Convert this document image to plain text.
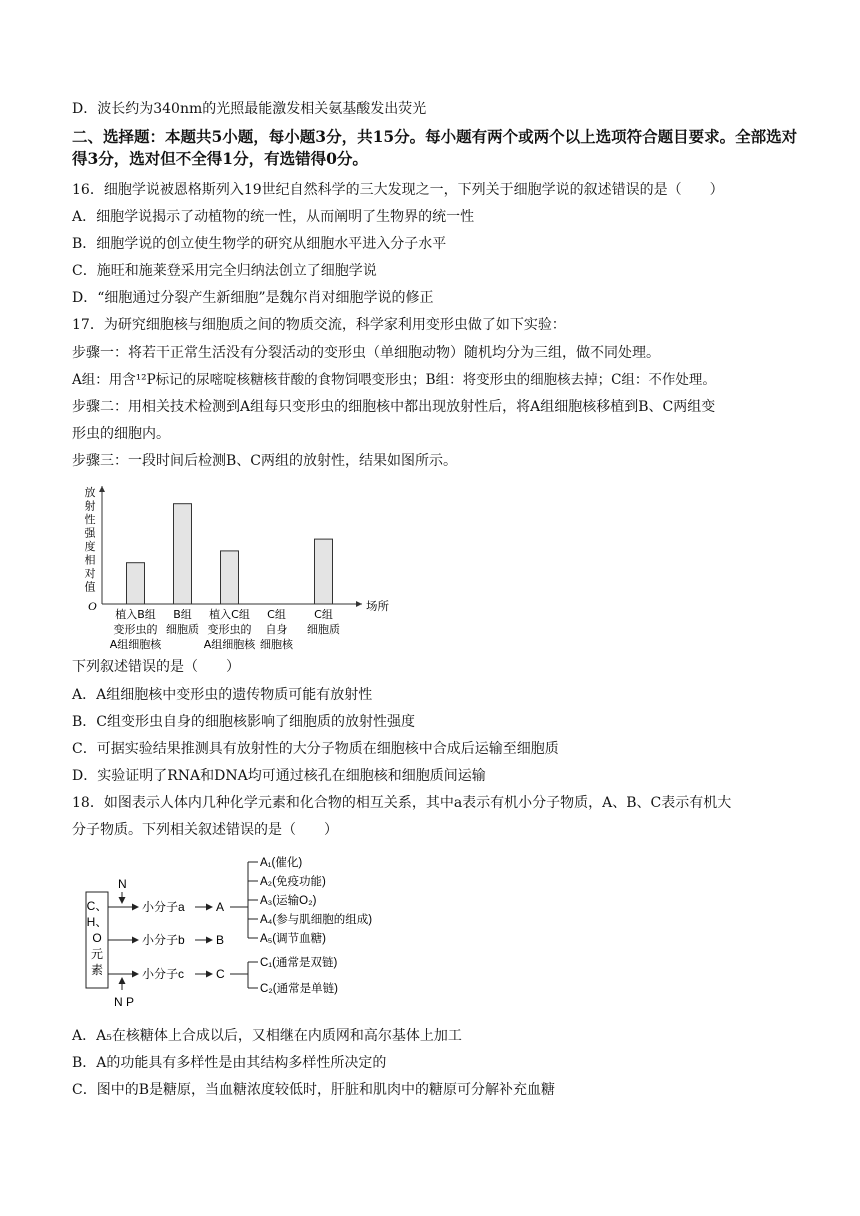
D．波长约为340nm的光照最能激发相关氨基酸发出荧光
二、选择题：本题共5小题，每小题3分，共15分。每小题有两个或两个以上选项符合题目要求。全部选对得3分，选对但不全得1分，有选错得0分。
16．细胞学说被恩格斯列入19世纪自然科学的三大发现之一，下列关于细胞学说的叙述错误的是（　　）
A．细胞学说揭示了动植物的统一性，从而阐明了生物界的统一性
B．细胞学说的创立使生物学的研究从细胞水平进入分子水平
C．施旺和施莱登采用完全归纳法创立了细胞学说
D．“细胞通过分裂产生新细胞”是魏尔肖对细胞学说的修正
17．为研究细胞核与细胞质之间的物质交流，科学家利用变形虫做了如下实验：
步骤一：将若干正常生活没有分裂活动的变形虫（单细胞动物）随机均分为三组，做不同处理。
A组：用含¹²P标记的尿嘧啶核糖核苷酸的食物饲喂变形虫；B组：将变形虫的细胞核去掉；C组：不作处理。
步骤二：用相关技术检测到A组每只变形虫的细胞核中都出现放射性后，将A组细胞核移植到B、C两组变
形虫的细胞内。
步骤三：一段时间后检测B、C两组的放射性，结果如图所示。
O
放
射
性
强
度
相
对
值
场所
植入B组
变形虫的
A组细胞核
B组
细胞质
植入C组
变形虫的
A组细胞核
C组
自身
细胞核
C组
细胞质
下列叙述错误的是（　　）
A．A组细胞核中变形虫的遗传物质可能有放射性
B．C组变形虫自身的细胞核影响了细胞质的放射性强度
C．可据实验结果推测具有放射性的大分子物质在细胞核中合成后运输至细胞质
D．实验证明了RNA和DNA均可通过核孔在细胞核和细胞质间运输
18．如图表示人体内几种化学元素和化合物的相互关系，其中a表示有机小分子物质，A、B、C表示有机大
分子物质。下列相关叙述错误的是（　　）
C、
H、
O
元
素
N
小分子a	A
A₁(催化)
A₂(免疫功能)
A₃(运输O₂)
A₄(参与肌细胞的组成)
A₅(调节血糖)
小分子b	B
N P
小分子c	C
C₁(通常是双链)
C₂(通常是单链)
A．A₅在核糖体上合成以后，又相继在内质网和高尔基体上加工
B．A的功能具有多样性是由其结构多样性所决定的
C．图中的B是糖原，当血糖浓度较低时，肝脏和肌肉中的糖原可分解补充血糖
